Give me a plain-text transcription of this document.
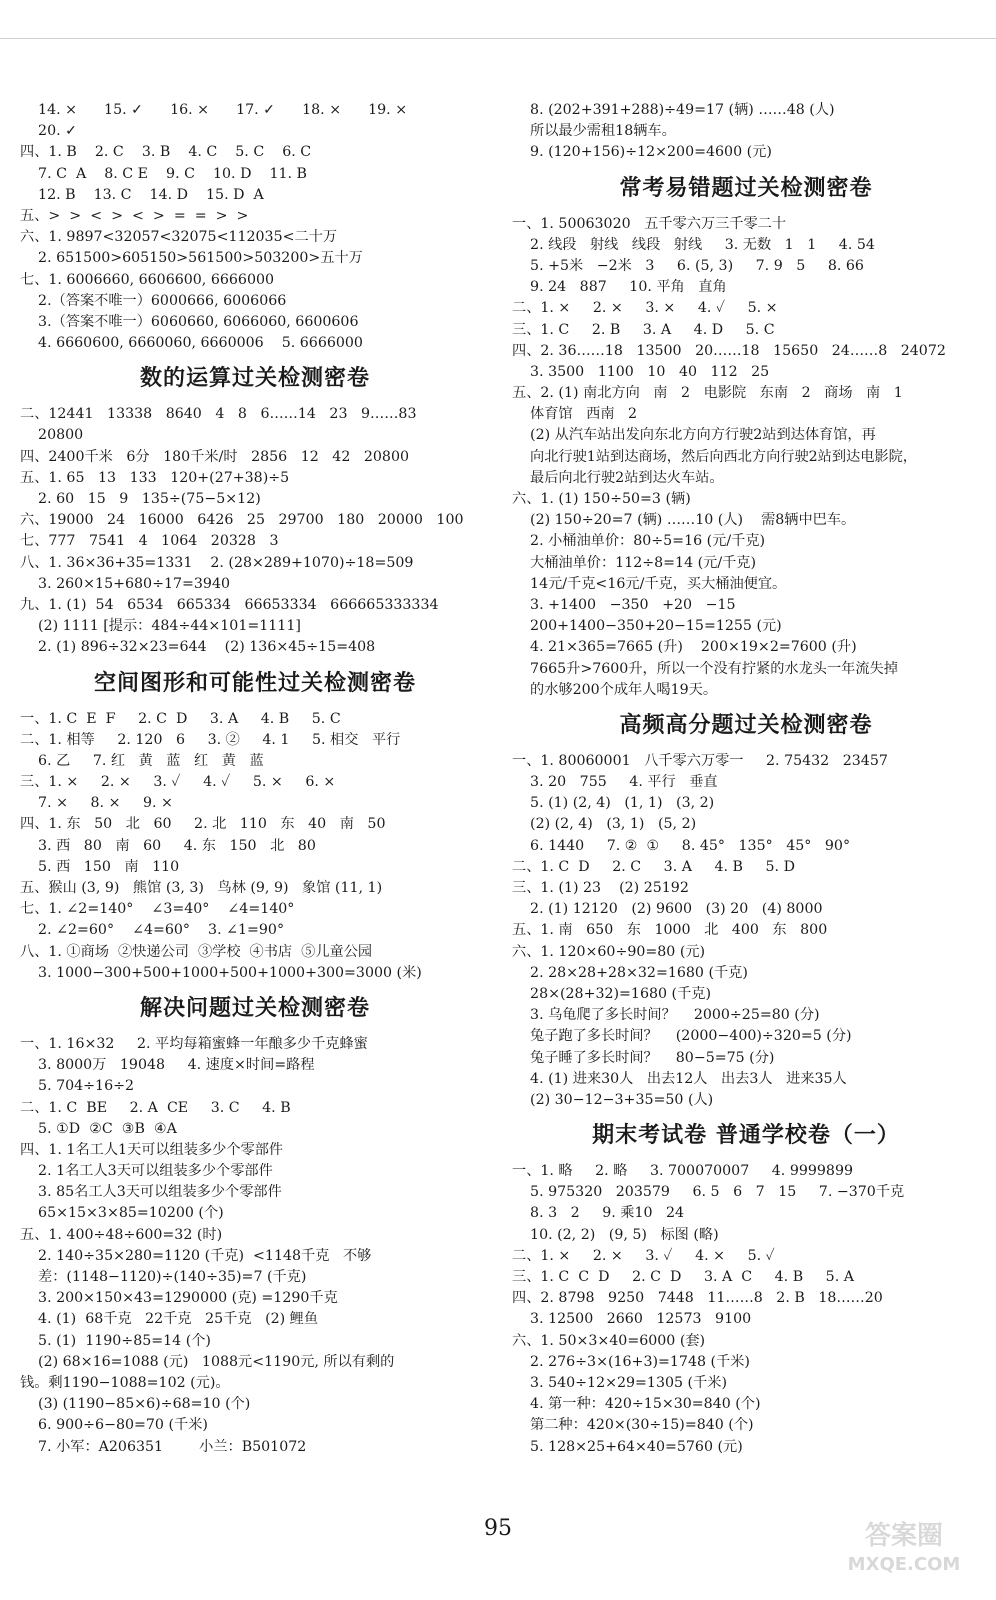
14. ×      15. ✓      16. ×      17. ✓      18. ×      19. ×
20. ✓
四、1. B    2. C    3. B    4. C    5. C    6. C
7. C  A    8. C E    9. C    10. D    11. B
12. B    13. C    14. D    15. D  A
五、>  >  <  >  <  >  =  =  >  >
六、1. 9897<32057<32075<112035<二十万
2. 651500>605150>561500>503200>五十万
七、1. 6006660, 6606600, 6666000
2.（答案不唯一）6000666, 6006066
3.（答案不唯一）6060660, 6066060, 6600606
4. 6660600, 6660060, 6660006    5. 6666000
数的运算过关检测密卷
二、12441   13338   8640   4   8   6……14   23   9……83
20800
四、2400千米   6分   180千米/时   2856   12   42   20800
五、1. 65   13   133   120+(27+38)÷5
2. 60   15   9   135÷(75−5×12)
六、19000   24   16000   6426   25   29700   180   20000   100
七、777   7541   4   1064   20328   3
八、1. 36×36+35=1331    2. (28×289+1070)÷18=509
3. 260×15+680÷17=3940
九、1. (1)  54   6534   665334   66653334   666665333334
(2) 1111 [提示：484÷44×101=1111]
2. (1) 896÷32×23=644    (2) 136×45÷15=408
空间图形和可能性过关检测密卷
一、1. C  E  F     2. C  D     3. A     4. B     5. C
二、1. 相等     2. 120   6     3. ②     4. 1     5. 相交   平行
6. 乙     7. 红   黄   蓝   红   黄   蓝
三、1. ×     2. ×     3. ✓     4. ✓     5. ×     6. ×
7. ×     8. ×     9. ×
四、1. 东   50   北   60     2. 北   110   东   40   南   50
3. 西   80   南   60     4. 东   150   北   80
5. 西   150   南   110
五、猴山 (3, 9)   熊馆 (3, 3)   鸟林 (9, 9)   象馆 (11, 1)
七、1. ∠2=140°    ∠3=40°    ∠4=140°
2. ∠2=60°    ∠4=60°    3. ∠1=90°
八、1. ①商场  ②快递公司  ③学校  ④书店  ⑤儿童公园
3. 1000−300+500+1000+500+1000+300=3000 (米)
解决问题过关检测密卷
一、1. 16×32     2. 平均每箱蜜蜂一年酿多少千克蜂蜜
3. 8000万   19048     4. 速度×时间=路程
5. 704÷16÷2
二、1. C  BE     2. A  CE     3. C     4. B
5. ①D  ②C  ③B  ④A
四、1. 1名工人1天可以组装多少个零部件
2. 1名工人3天可以组装多少个零部件
3. 85名工人3天可以组装多少个零部件
65×15×3×85=10200 (个)
五、1. 400÷48÷600=32 (时)
2. 140÷35×280=1120 (千克)  <1148千克   不够
差：(1148−1120)÷(140÷35)=7 (千克)
3. 200×150×43=1290000 (克) =1290千克
4. (1)  68千克   22千克   25千克   (2) 鲤鱼
5. (1)  1190÷85=14 (个)
(2) 68×16=1088 (元)   1088元<1190元, 所以有剩的
钱。剩1190−1088=102 (元)。
(3) (1190−85×6)÷68=10 (个)
6. 900÷6−80=70 (千米)
7. 小军：A206351        小兰：B501072
8. (202+391+288)÷49=17 (辆) ……48 (人)
所以最少需租18辆车。
9. (120+156)÷12×200=4600 (元)
常考易错题过关检测密卷
一、1. 50063020   五千零六万三千零二十
2. 线段   射线   线段   射线     3. 无数   1   1     4. 54
5. +5米   −2米   3     6. (5, 3)     7. 9   5     8. 66
9. 24   887     10. 平角   直角
二、1. ×     2. ×     3. ×     4. ✓     5. ×
三、1. C     2. B     3. A     4. D     5. C
四、2. 36……18   13500   20……18   15650   24……8   24072
3. 3500   1100   10   40   112   25
五、2. (1) 南北方向   南   2   电影院   东南   2   商场   南   1
体育馆   西南   2
(2) 从汽车站出发向东北方向方行驶2站到达体育馆，再
向北行驶1站到达商场，然后向西北方向行驶2站到达电影院，
最后向北行驶2站到达火车站。
六、1. (1) 150÷50=3 (辆)
(2) 150÷20=7 (辆) ……10 (人)    需8辆中巴车。
2. 小桶油单价：80÷5=16 (元/千克)
大桶油单价：112÷8=14 (元/千克)
14元/千克<16元/千克，买大桶油便宜。
3. +1400   −350   +20   −15
200+1400−350+20−15=1255 (元)
4. 21×365=7665 (升)    200×19×2=7600 (升)
7665升>7600升，所以一个没有拧紧的水龙头一年流失掉
的水够200个成年人喝19天。
高频高分题过关检测密卷
一、1. 80060001   八千零六万零一     2. 75432   23457
3. 20   755     4. 平行   垂直
5. (1) (2, 4)   (1, 1)   (3, 2)
(2) (2, 4)   (3, 1)   (5, 2)
6. 1440     7. ②  ①     8. 45°   135°   45°   90°
二、1. C  D     2. C     3. A     4. B     5. D
三、1. (1) 23    (2) 25192
2. (1) 12120   (2) 9600   (3) 20   (4) 8000
五、1. 南   650   东   1000   北   400   东   800
六、1. 120×60÷90=80 (元)
2. 28×28+28×32=1680 (千克)
28×(28+32)=1680 (千克)
3. 乌龟爬了多长时间？    2000÷25=80 (分)
兔子跑了多长时间？    (2000−400)÷320=5 (分)
兔子睡了多长时间？    80−5=75 (分)
4. (1) 进来30人   出去12人   出去3人   进来35人
(2) 30−12−3+35=50 (人)
期末考试卷 普通学校卷（一）
一、1. 略     2. 略     3. 700070007     4. 9999899
5. 975320   203579     6. 5   6   7   15     7. −370千克
8. 3   2     9. 乘10   24
10. (2, 2)   (9, 5)   标图 (略)
二、1. ×     2. ×     3. ✓     4. ×     5. ✓
三、1. C  C  D     2. C  D     3. A  C     4. B     5. A
四、2. 8798   9250   7448   11……8   2. B   18……20
3. 12500   2660   12573   9100
六、1. 50×3×40=6000 (套)
2. 276÷3×(16+3)=1748 (千米)
3. 540÷12×29=1305 (千米)
4. 第一种：420÷15×30=840 (个)
第二种：420×(30÷15)=840 (个)
5. 128×25+64×40=5760 (元)
95	答案圈
MXQE.COM
